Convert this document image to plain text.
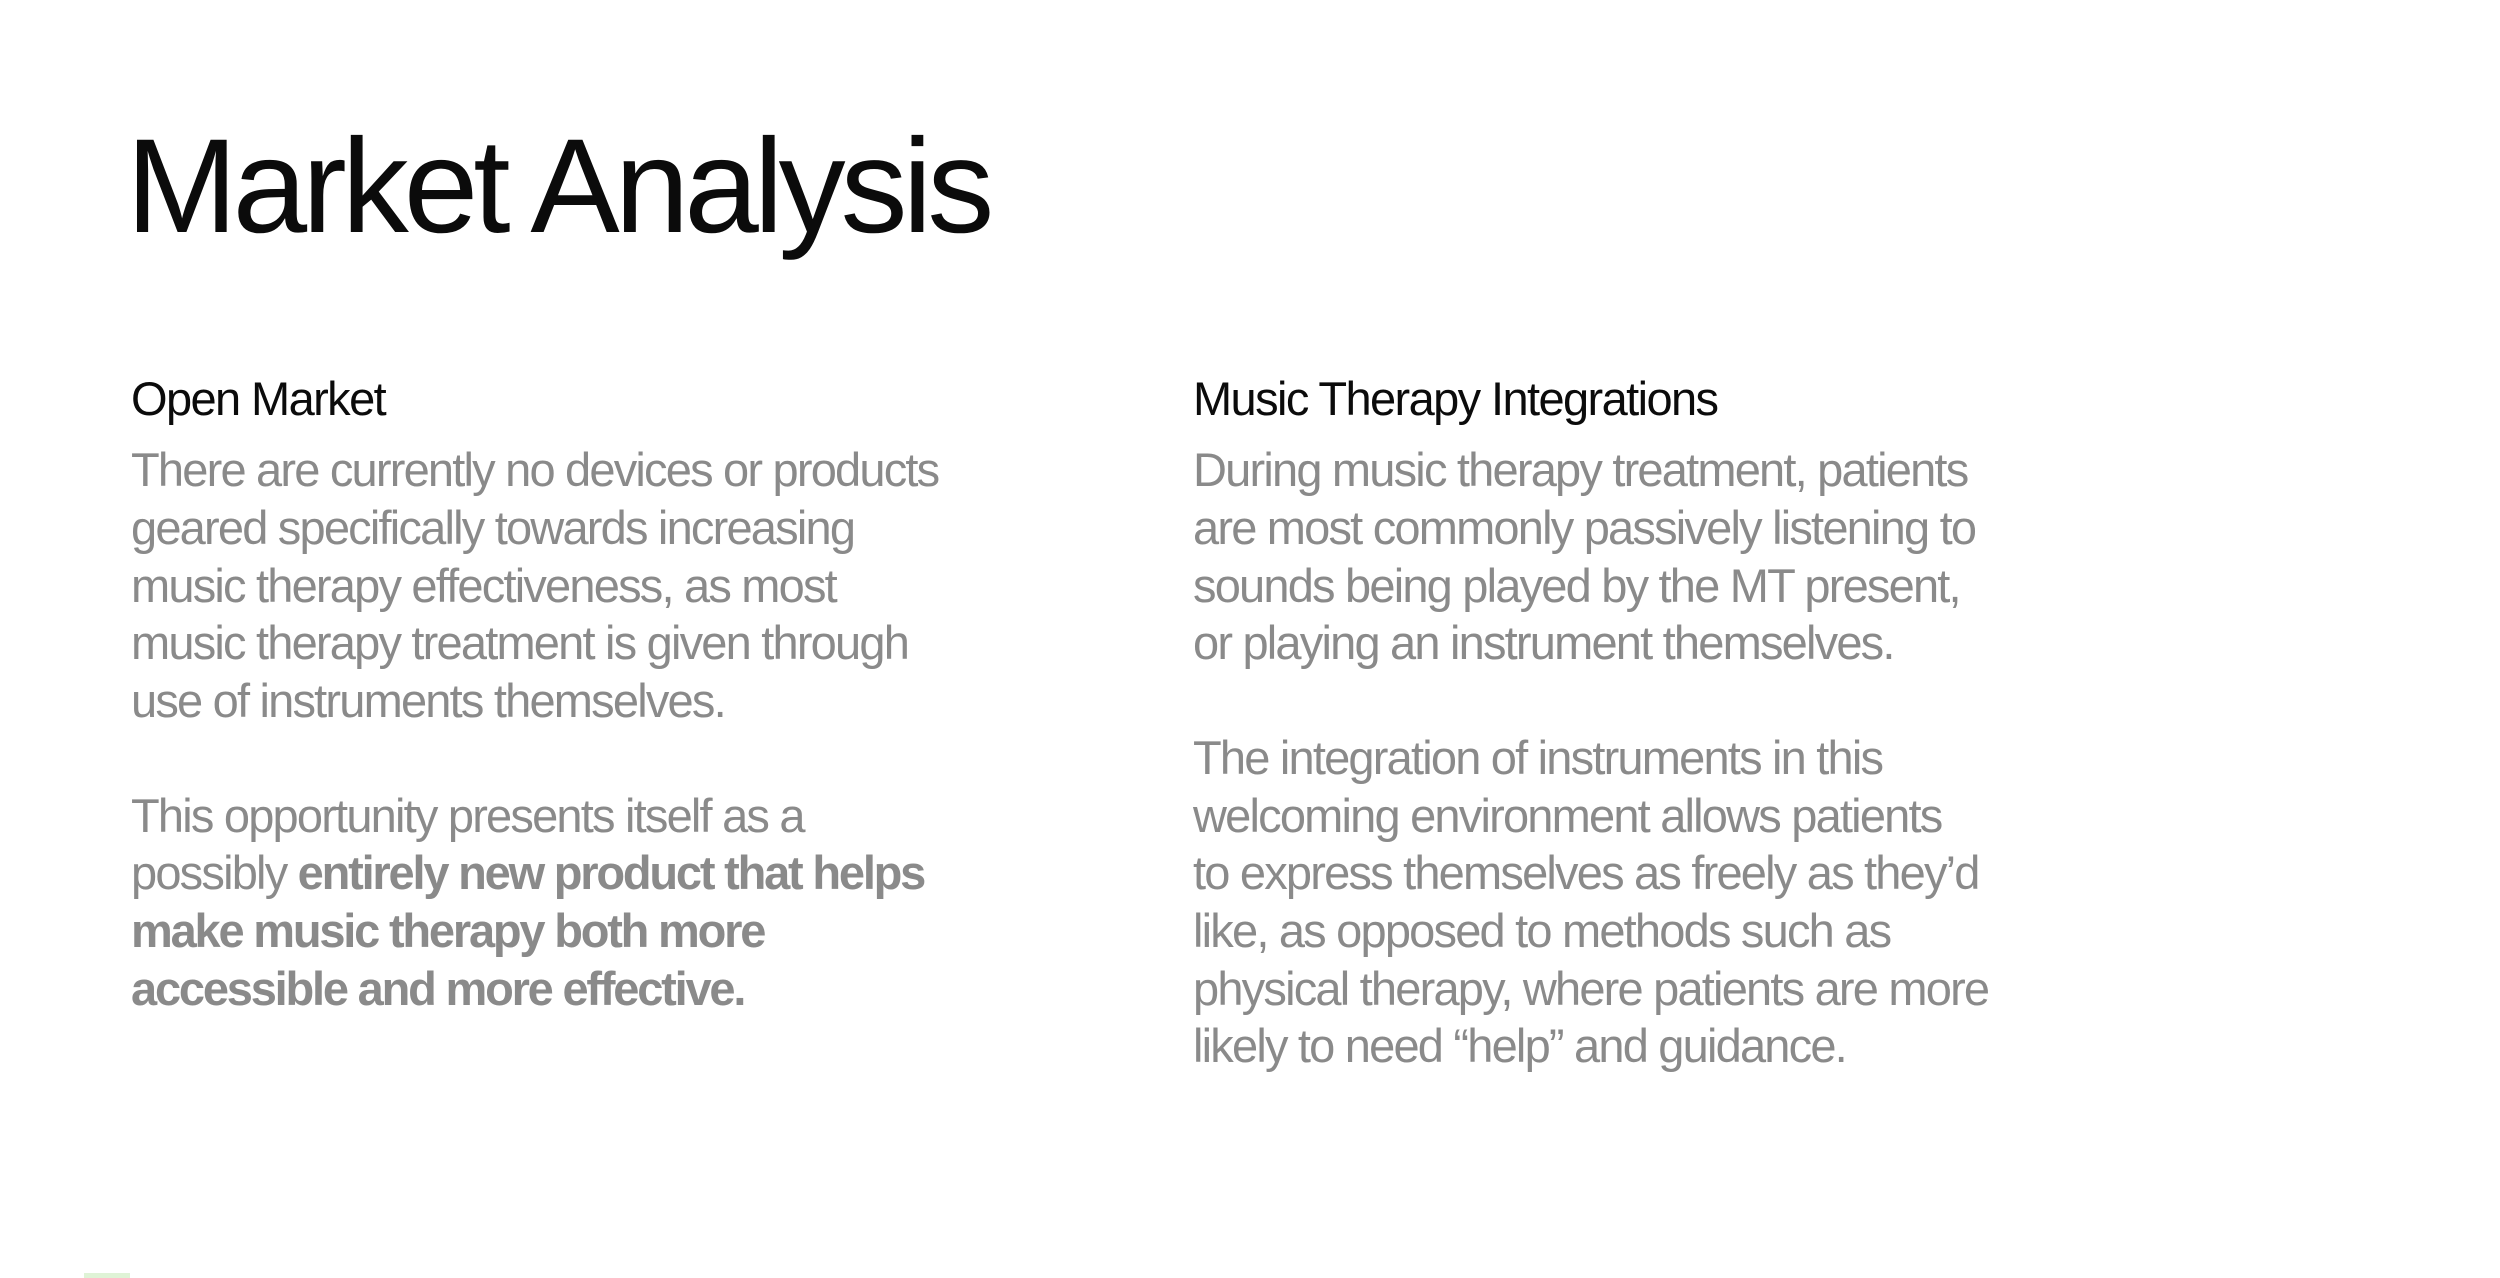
Market Analysis
Open Market

There are currently no devices or products
geared specifically towards increasing
music therapy effectiveness, as most
music therapy treatment is given through
use of instruments themselves.

This opportunity presents itself as a
possibly entirely new product that helps
make music therapy both more
accessible and more effective.

Music Therapy Integrations

During music therapy treatment, patients
are most commonly passively listening to
sounds being played by the MT present,
or playing an instrument themselves.

The integration of instruments in this
welcoming environment allows patients
to express themselves as freely as they’d
like, as opposed to methods such as
physical therapy, where patients are more
likely to need “help” and guidance.
